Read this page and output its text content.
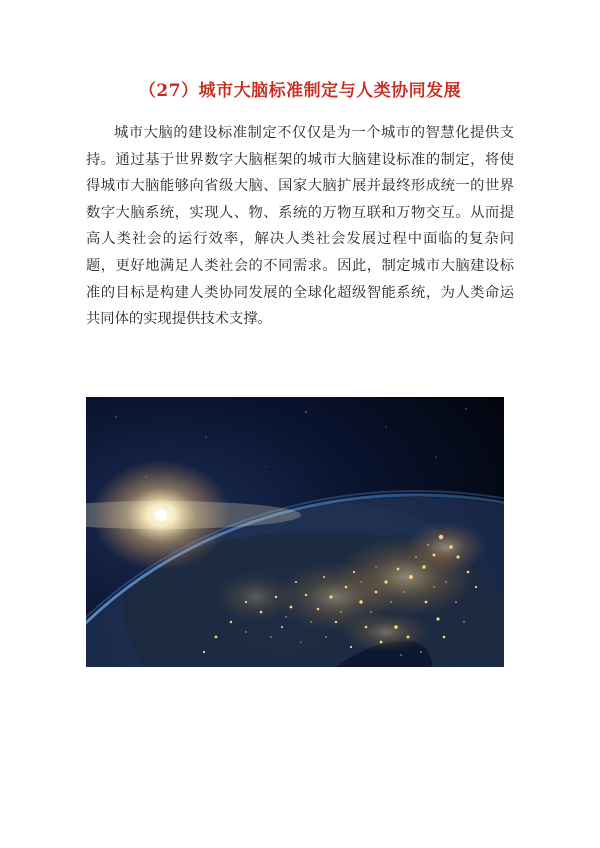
（27）城市大脑标准制定与人类协同发展

城市大脑的建设标准制定不仅仅是为一个城市的智慧化提供支持。通过基于世界数字大脑框架的城市大脑建设标准的制定，将使得城市大脑能够向省级大脑、国家大脑扩展并最终形成统一的世界数字大脑系统，实现人、物、系统的万物互联和万物交互。从而提高人类社会的运行效率，解决人类社会发展过程中面临的复杂问题，更好地满足人类社会的不同需求。因此，制定城市大脑建设标准的目标是构建人类协同发展的全球化超级智能系统，为人类命运共同体的实现提供技术支撑。
